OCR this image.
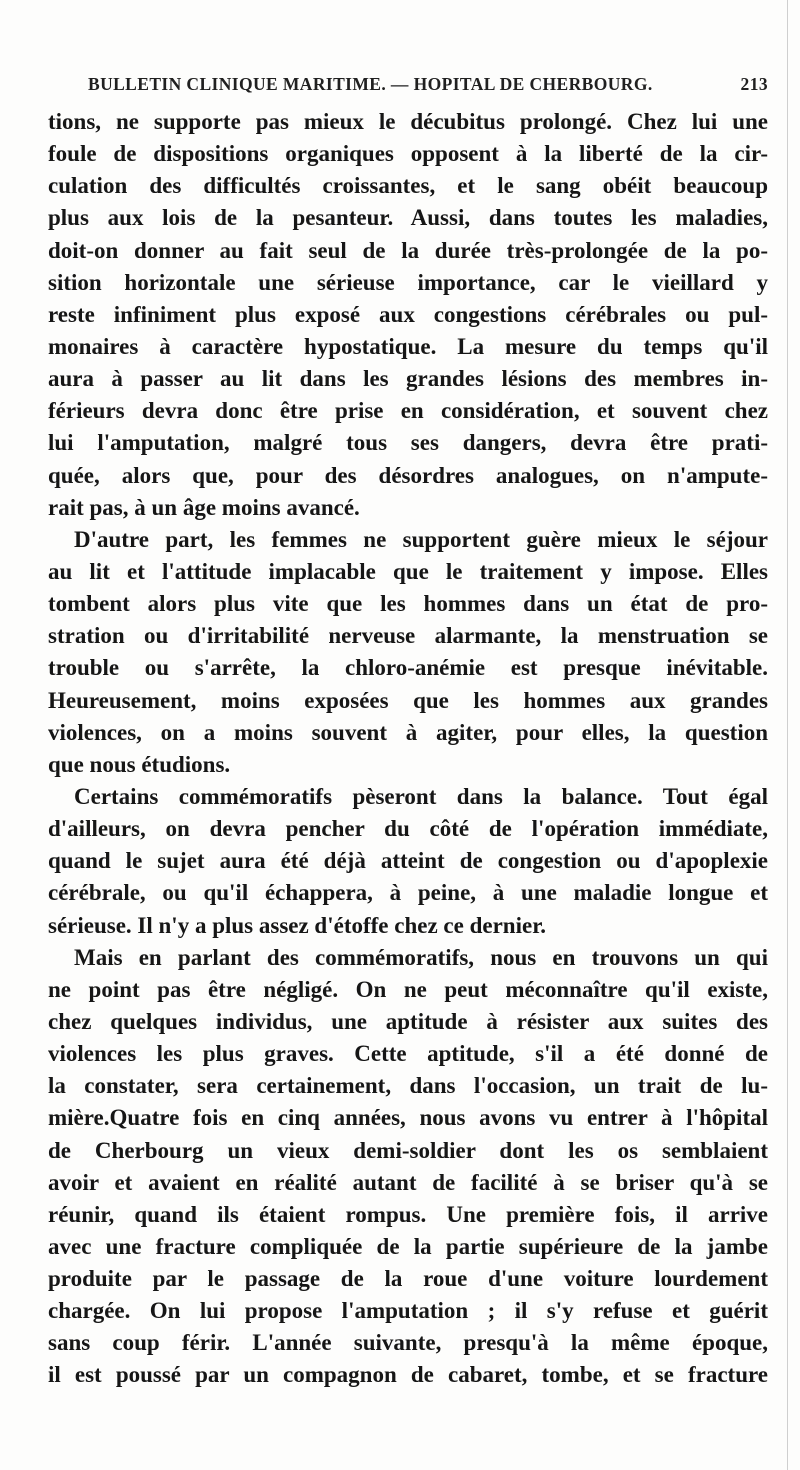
BULLETIN CLINIQUE MARITIME. — HOPITAL DE CHERBOURG.	213
tions, ne supporte pas mieux le décubitus prolongé. Chez lui une
foule de dispositions organiques opposent à la liberté de la cir-
culation des difficultés croissantes, et le sang obéit beaucoup
plus aux lois de la pesanteur. Aussi, dans toutes les maladies,
doit-on donner au fait seul de la durée très-prolongée de la po-
sition horizontale une sérieuse importance, car le vieillard y
reste infiniment plus exposé aux congestions cérébrales ou pul-
monaires à caractère hypostatique. La mesure du temps qu'il
aura à passer au lit dans les grandes lésions des membres in-
férieurs devra donc être prise en considération, et souvent chez
lui l'amputation, malgré tous ses dangers, devra être prati-
quée, alors que, pour des désordres analogues, on n'ampute-
rait pas, à un âge moins avancé.
D'autre part, les femmes ne supportent guère mieux le séjour
au lit et l'attitude implacable que le traitement y impose. Elles
tombent alors plus vite que les hommes dans un état de pro-
stration ou d'irritabilité nerveuse alarmante, la menstruation se
trouble ou s'arrête, la chloro-anémie est presque inévitable.
Heureusement, moins exposées que les hommes aux grandes
violences, on a moins souvent à agiter, pour elles, la question
que nous étudions.
Certains commémoratifs pèseront dans la balance. Tout égal
d'ailleurs, on devra pencher du côté de l'opération immédiate,
quand le sujet aura été déjà atteint de congestion ou d'apoplexie
cérébrale, ou qu'il échappera, à peine, à une maladie longue et
sérieuse. Il n'y a plus assez d'étoffe chez ce dernier.
Mais en parlant des commémoratifs, nous en trouvons un qui
ne point pas être négligé. On ne peut méconnaître qu'il existe,
chez quelques individus, une aptitude à résister aux suites des
violences les plus graves. Cette aptitude, s'il a été donné de
la constater, sera certainement, dans l'occasion, un trait de lu-
mière.Quatre fois en cinq années, nous avons vu entrer à l'hôpital
de Cherbourg un vieux demi-soldier dont les os semblaient
avoir et avaient en réalité autant de facilité à se briser qu'à se
réunir, quand ils étaient rompus. Une première fois, il arrive
avec une fracture compliquée de la partie supérieure de la jambe
produite par le passage de la roue d'une voiture lourdement
chargée. On lui propose l'amputation ; il s'y refuse et guérit
sans coup férir. L'année suivante, presqu'à la même époque,
il est poussé par un compagnon de cabaret, tombe, et se fracture
